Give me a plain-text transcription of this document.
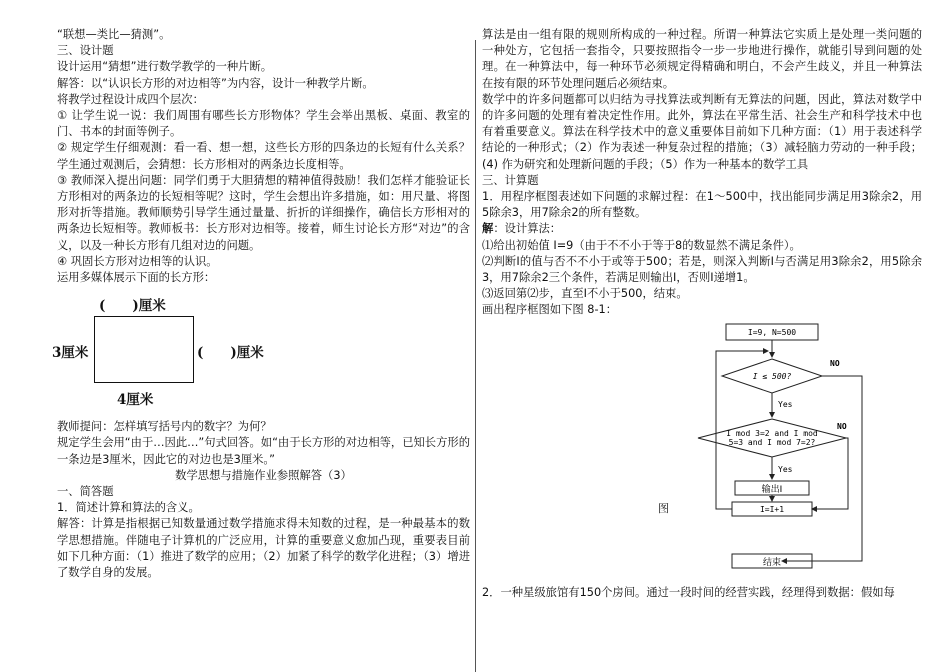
“联想—类比—猜测”。

三、设计题

设计运用“猜想”进行数学教学的一种片断。

解答：以“认识长方形的对边相等”为内容，设计一种教学片断。

将教学过程设计成四个层次：

① 让学生说一说：我们周围有哪些长方形物体？学生会举出黑板、桌面、教室的门、书本的封面等例子。

② 规定学生仔细观测：看一看、想一想，这些长方形的四条边的长短有什么关系？学生通过观测后，会猜想：长方形相对的两条边长度相等。

③ 教师深入提出问题：同学们勇于大胆猜想的精神值得鼓励！我们怎样才能验证长方形相对的两条边的长短相等呢？这时，学生会想出许多措施，如：用尺量、将图形对折等措施。教师顺势引导学生通过量量、折折的详细操作，确信长方形相对的两条边长短相等。教师板书：长方形对边相等。接着，师生讨论长方形“对边”的含义，以及一种长方形有几组对边的问题。

④ 巩固长方形对边相等的认识。

运用多媒体展示下面的长方形：

(　　)厘米
3厘米	(　　)厘米
4厘米

教师提问：怎样填写括号内的数字？为何？

规定学生会用“由于…因此…”句式回答。如“由于长方形的对边相等，已知长方形的一条边是3厘米，因此它的对边也是3厘米。”

数学思想与措施作业参照解答（3）

一、简答题

1．简述计算和算法的含义。

解答：计算是指根据已知数量通过数学措施求得未知数的过程，是一种最基本的数学思想措施。伴随电子计算机的广泛应用，计算的重要意义愈加凸现，重要表目前如下几种方面：（1）推进了数学的应用；（2）加紧了科学的数学化进程；（3）增进了数学自身的发展。

算法是由一组有限的规则所构成的一种过程。所谓一种算法它实质上是处理一类问题的一种处方，它包括一套指令，只要按照指令一步一步地进行操作，就能引导到问题的处理。在一种算法中，每一种环节必须规定得精确和明白，不会产生歧义，并且一种算法在按有限的环节处理问题后必须结束。

数学中的许多问题都可以归结为寻找算法或判断有无算法的问题，因此，算法对数学中的许多问题的处理有着决定性作用。此外，算法在平常生活、社会生产和科学技术中也有着重要意义。算法在科学技术中的意义重要体目前如下几种方面：（1）用于表述科学结论的一种形式；（2）作为表述一种复杂过程的措施；（3）减轻脑力劳动的一种手段；(4) 作为研究和处理新问题的手段；（5）作为一种基本的数学工具

三、计算题

1．用程序框图表述如下问题的求解过程：在1～500中，找出能同步满足用3除余2，用5除余3，用7除余2的所有整数。

解：设计算法：

⑴给出初始值 I=9（由于不不小于等于8的数显然不满足条件）。

⑵判断I的值与否不不小于或等于500；若是，则深入判断I与否满足用3除余2，用5除余3，用7除余2三个条件，若满足则输出I，否则I递增1。

⑶返回第⑵步，直至I不小于500，结束。

画出程序框图如下图 8-1：

I=9, N=500
I ≤ 500?
Yes
NO
I mod 3=2 and I mod
5=3 and I mod 7=2?
NO
Yes
输出I
I=I+1
结束
图

2．一种星级旅馆有150个房间。通过一段时间的经营实践，经理得到数据：假如每
